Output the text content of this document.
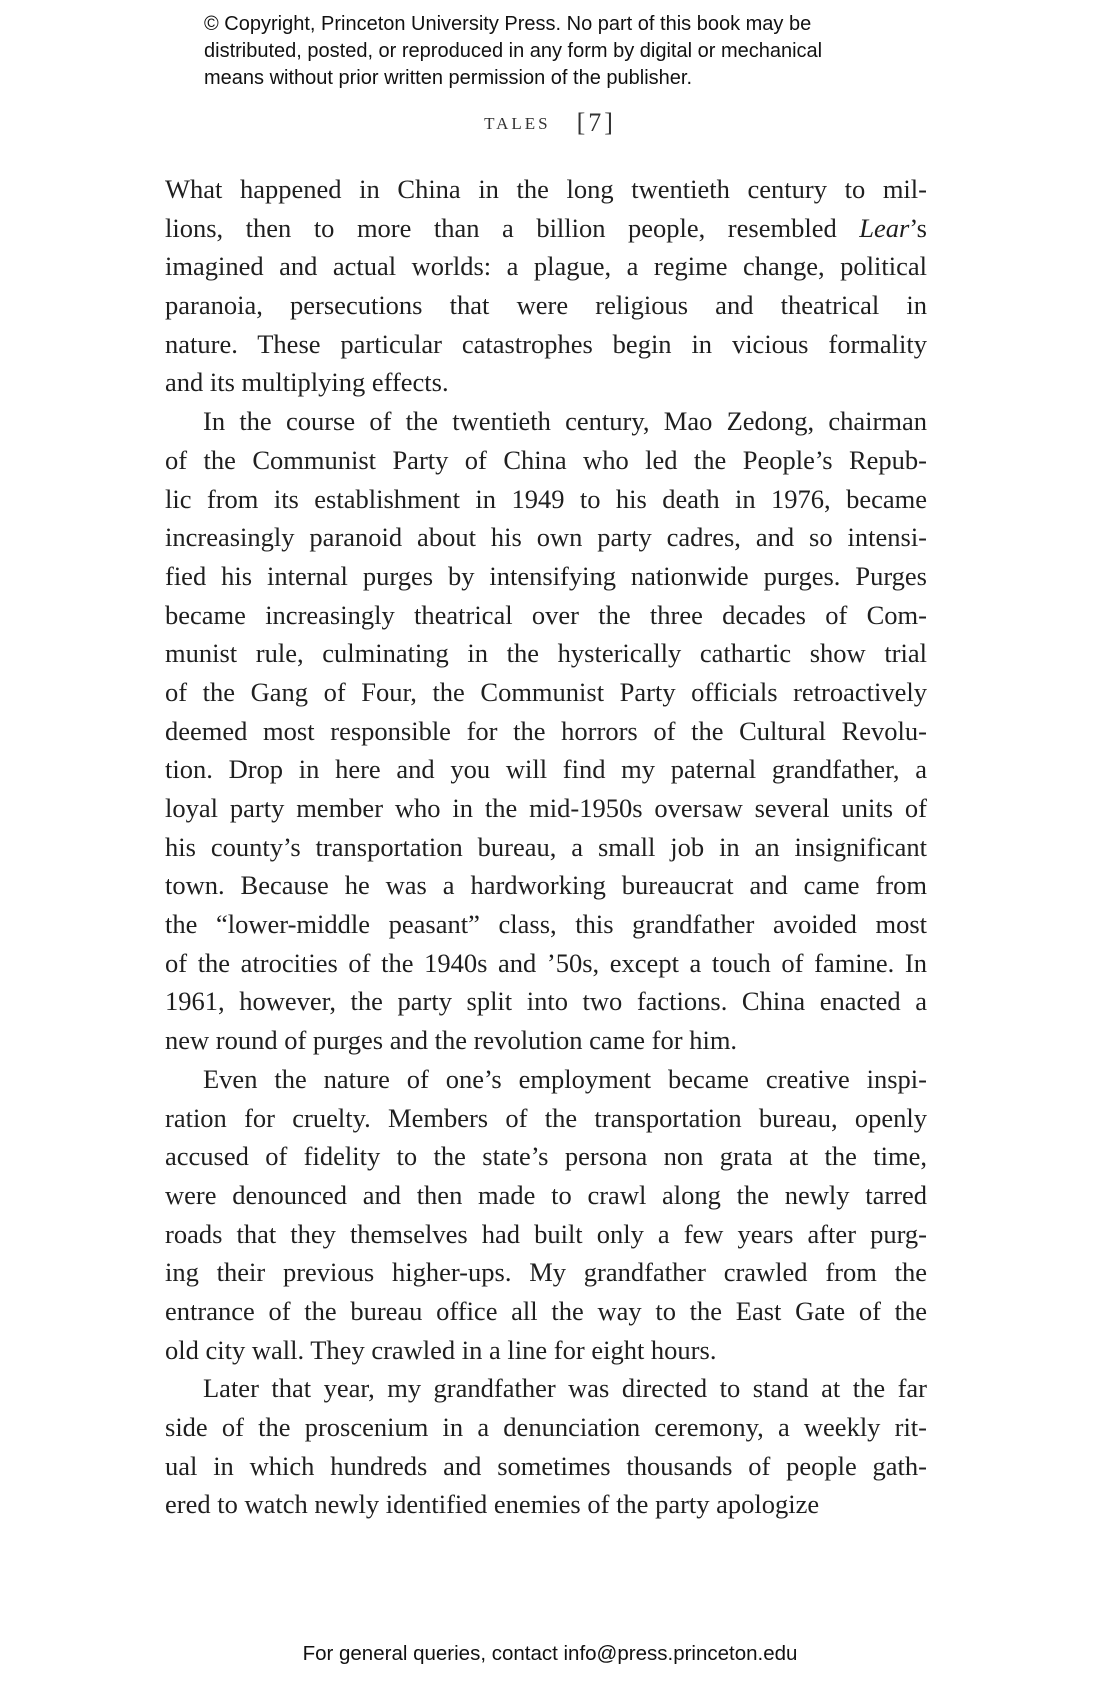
© Copyright, Princeton University Press. No part of this book may be
distributed, posted, or reproduced in any form by digital or mechanical
means without prior written permission of the publisher.
TALES [7]
What happened in China in the long twentieth century to mil-
lions, then to more than a billion people, resembled Lear’s
imagined and actual worlds: a plague, a regime change, political
paranoia, persecutions that were religious and theatrical in
nature. These particular catastrophes begin in vicious formality
and its multiplying effects.
In the course of the twentieth century, Mao Zedong, chairman
of the Communist Party of China who led the People’s Repub-
lic from its establishment in 1949 to his death in 1976, became
increasingly paranoid about his own party cadres, and so intensi-
fied his internal purges by intensifying nationwide purges. Purges
became increasingly theatrical over the three decades of Com-
munist rule, culminating in the hysterically cathartic show trial
of the Gang of Four, the Communist Party officials retroactively
deemed most responsible for the horrors of the Cultural Revolu-
tion. Drop in here and you will find my paternal grandfather, a
loyal party member who in the mid-1950s oversaw several units of
his county’s transportation bureau, a small job in an insignificant
town. Because he was a hardworking bureaucrat and came from
the “lower-middle peasant” class, this grandfather avoided most
of the atrocities of the 1940s and ’50s, except a touch of famine. In
1961, however, the party split into two factions. China enacted a
new round of purges and the revolution came for him.
Even the nature of one’s employment became creative inspi-
ration for cruelty. Members of the transportation bureau, openly
accused of fidelity to the state’s persona non grata at the time,
were denounced and then made to crawl along the newly tarred
roads that they themselves had built only a few years after purg-
ing their previous higher-ups. My grandfather crawled from the
entrance of the bureau office all the way to the East Gate of the
old city wall. They crawled in a line for eight hours.
Later that year, my grandfather was directed to stand at the far
side of the proscenium in a denunciation ceremony, a weekly rit-
ual in which hundreds and sometimes thousands of people gath-
ered to watch newly identified enemies of the party apologize
For general queries, contact info@press.princeton.edu
